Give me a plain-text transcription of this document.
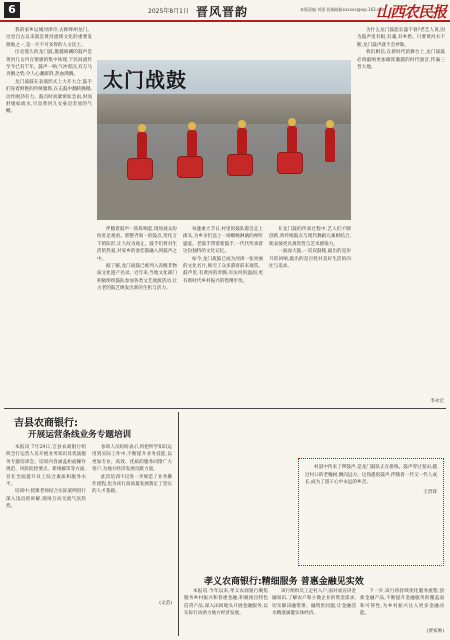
6	2025年8月1日 晋风晋韵	本版责编 刘强 投稿邮箱xxxxxx@vip.163.com
山西农民报

我的家乡运城河津市,古称绛州龙门。这里自古以来就是黄河流域文化的重要发源地之一,是一片不可多得的人文沃土。

历史悠久的龙门鼓,激越磅礴的鼓声是黄河儿女内在情感的集中体现,于民间流传至今已有千年。鼓声一响,气冲霄汉,有万马奔腾之势;令人心潮澎湃,热血沸腾。

龙门战鼓在表演形式上大开大合,鼓手们身着鲜艳的传统服饰,在击鼓中翻转腾挪,动作刚劲有力。鼓点时而紧密如急雨,时而舒缓如流水,尽显黄河儿女豪迈奔放的气概。

太门战鼓

伴随着鼓声一阵阵响起,现场观众纷纷驻足观看。那整齐划一的鼓点,变化万千的队形,让人叹为观止。鼓手们将对生活的热爱,对家乡的眷恋都融入到鼓声之中。

据了解,龙门战鼓已被列入省级非物质文化遗产名录。近年来,当地文化部门积极组织鼓队参加各类文艺展演活动,让古老的鼓艺焕发出新的生机与活力。

每逢重大节日,村里的鼓队都会走上街头,为乡亲们送上一场酣畅淋漓的视听盛宴。老鼓手带着新鼓手,一代代传承着这份独特的文化记忆。

如今,龙门战鼓已成为河津一张亮丽的文化名片,吸引了众多游客前来观赏。鼓声里,有黄河的奔腾,有汾河的温润,更有新时代乡村振兴的铿锵步伐。

在龙门鼓的传承过程中,艺人们不断创新,将传统鼓点与现代舞蹈元素相结合,使表演更具观赏性与艺术感染力。

一面面大鼓,一双双鼓槌,敲出的是岁月的回响,敲出的是百姓对美好生活的向往与追求。

为什么龙门鼓能长盛不衰?老艺人说,因为鼓声里有根,有魂,有乡愁。只要黄河水不断,龙门鼓声就不会停歇。

我们相信,在新时代的舞台上,龙门战鼓必将敲响更加雄浑激越的时代强音,传遍三晋大地。

李永宏
吉县农商银行:
开展运营条线业务专题培训

本报讯 7月29日,吉县农商银行组织全行运营人员开展业务知识及优质服务专题培训会。培训内容涵盖柜面操作规范、风险防控要点、新规解读等方面,旨在全面提升员工综合素质和服务水平。

培训中,授课老师结合实际案例进行深入浅出的讲解,现场互动交流气氛热烈。

参训人员纷纷表示,将把所学知识运用到实际工作中,不断提升业务技能,以更加专业、高效、优质的服务回馈广大客户,为地方经济发展贡献力量。

此次培训不仅进一步规范了业务操作流程,也为该行高质量发展奠定了坚实的人才基础。

(文苗)

村道中传来了锣鼓声,是龙门鼓队正在排练。鼓声穿过麦田,越过村口的老槐树,飘向远方。这熟悉的鼓声,伴随着一代又一代人成长,成为了游子心中永远的乡音。

王晋锋
孝义农商银行:精细服务 普惠金融见实效

本报讯 今年以来,孝义农商银行聚焦服务乡村振兴和普惠金融,积极推出特色信贷产品,深入田间地头开展金融服务,以实际行动助力地方经济发展。

该行组织员工走村入户,面对面宣讲金融知识,了解农户和小微企业的资金需求,切实解决融资难、融资贵问题,让金融活水精准滴灌实体经济。

下一步,该行将持续优化服务流程,创新金融产品,不断提升金融服务的覆盖面和可得性,为乡村振兴注入更多金融动能。

(贾家帅)
